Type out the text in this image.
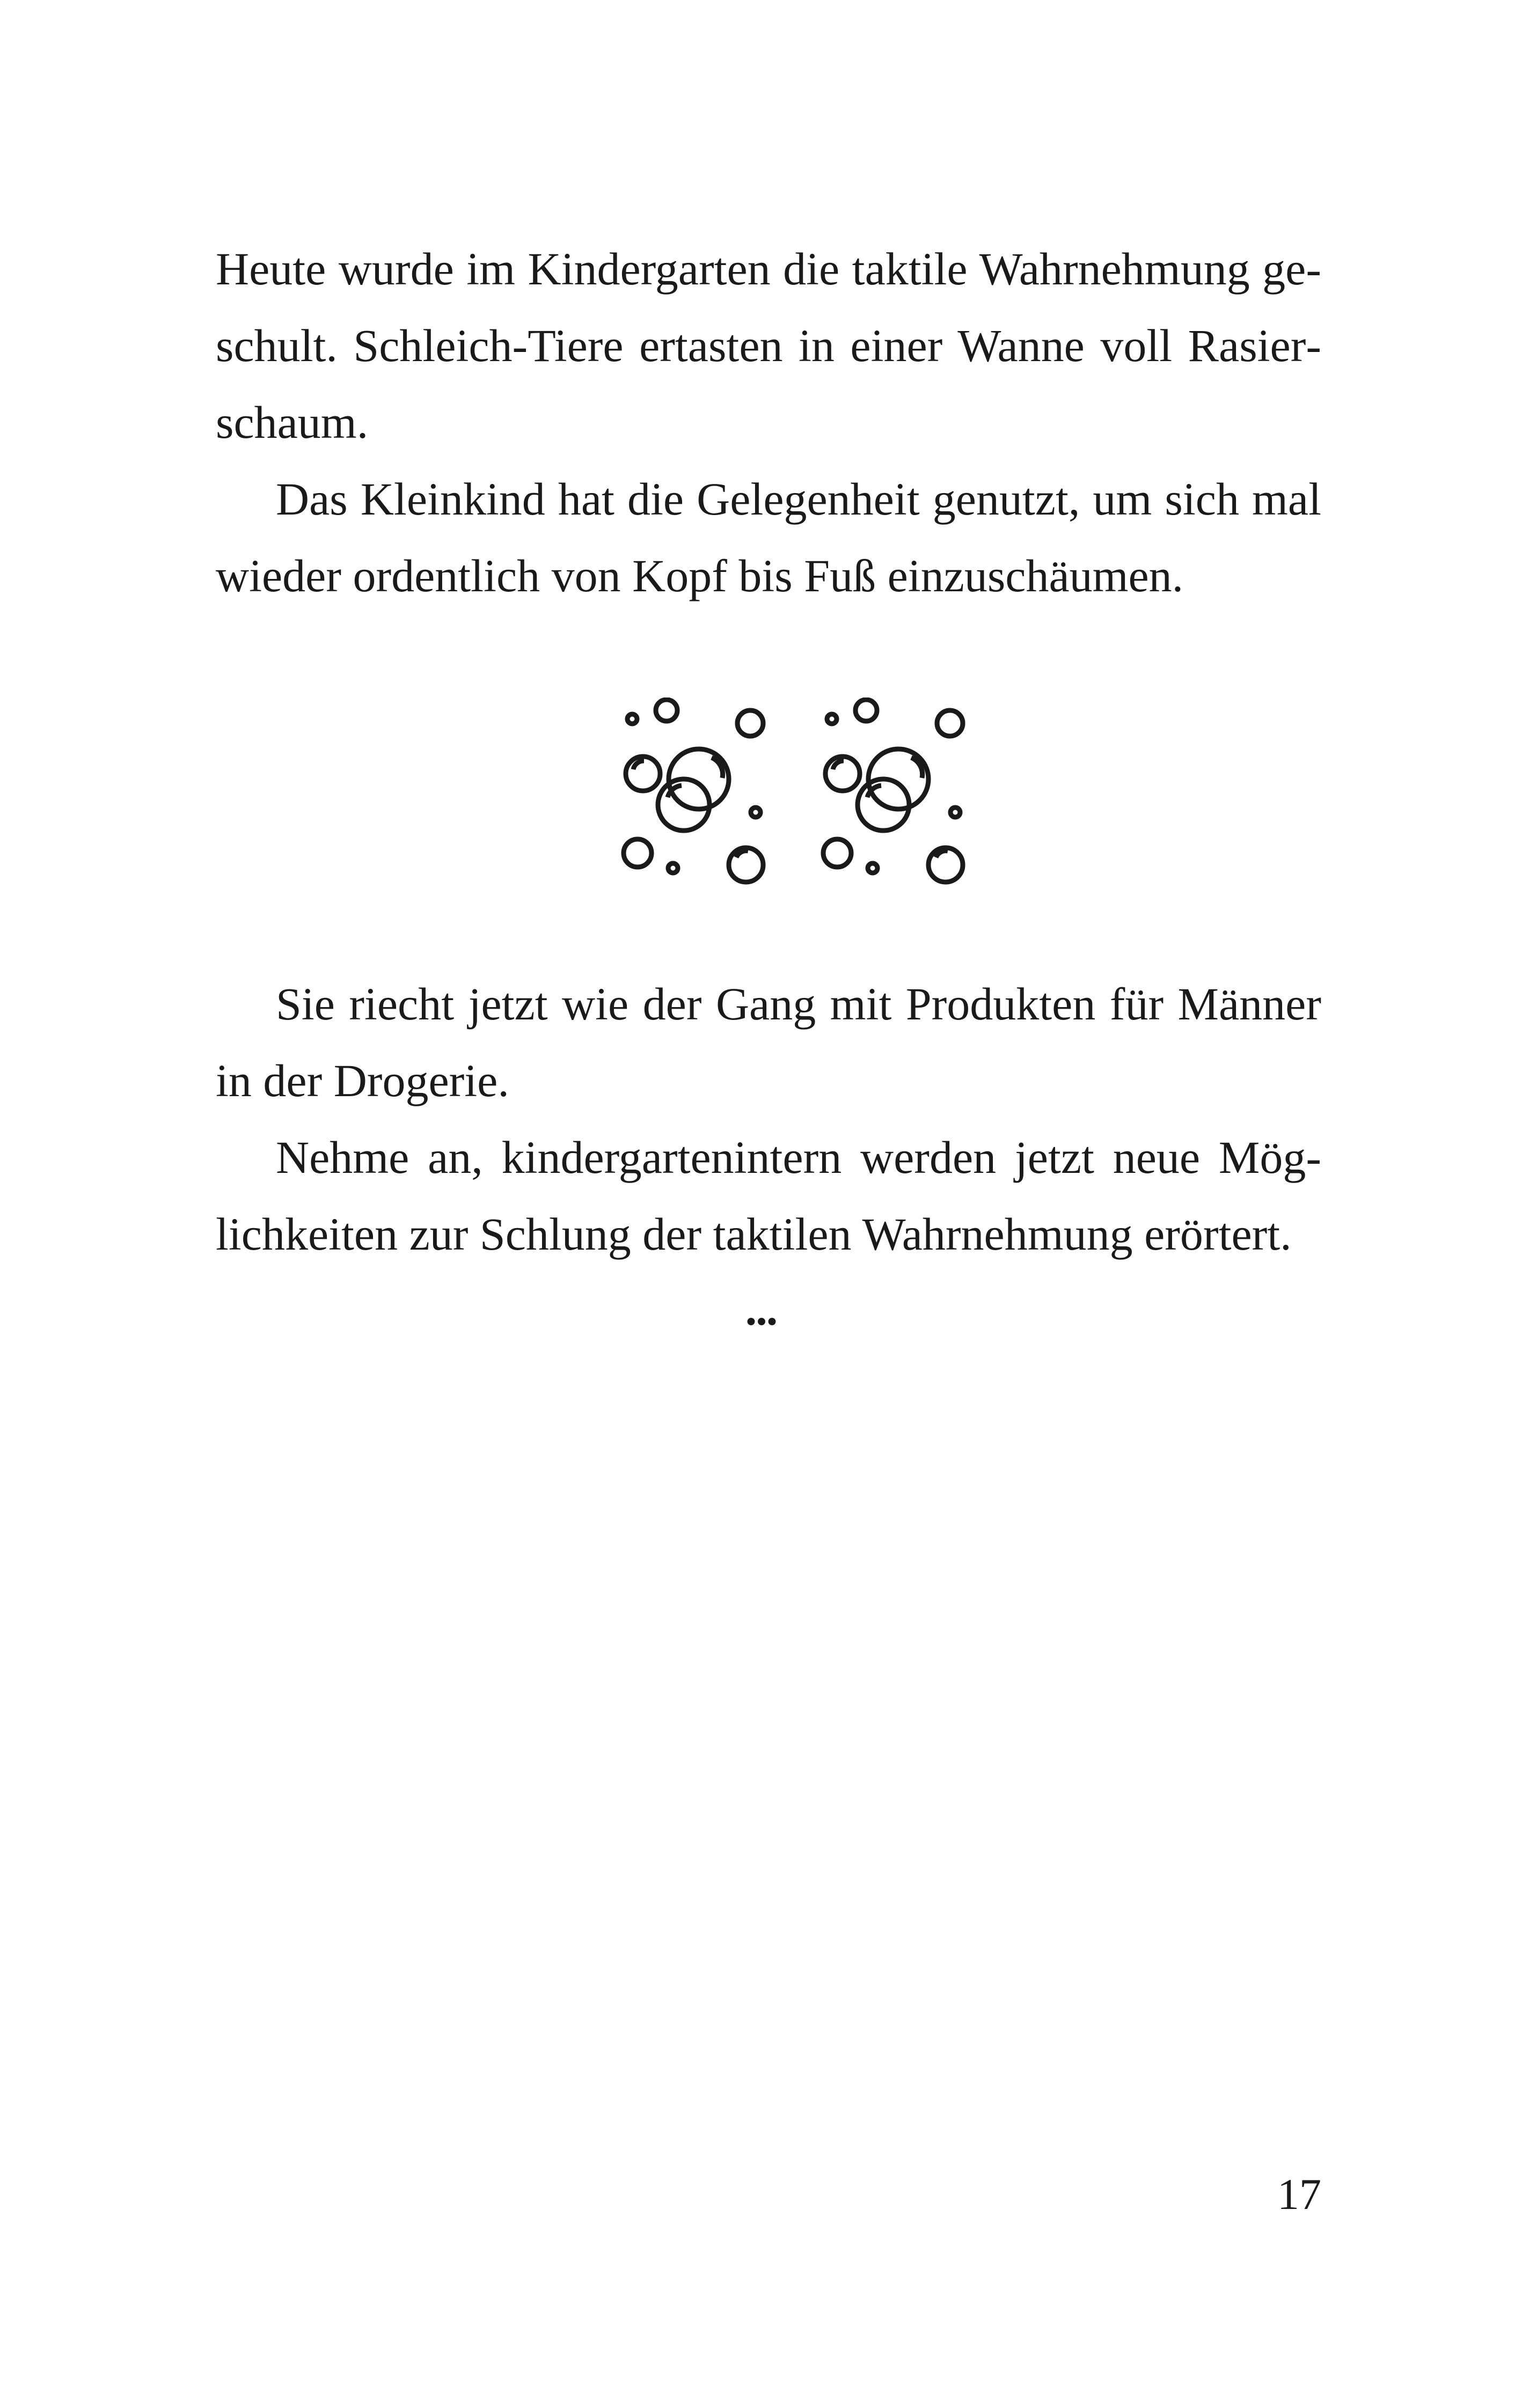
Heute wurde im Kindergarten die taktile Wahrnehmung geschult. Schleich-Tiere ertasten in einer Wanne voll Rasierschaum.

Das Kleinkind hat die Gelegenheit genutzt, um sich mal wieder ordentlich von Kopf bis Fuß einzuschäumen.

Sie riecht jetzt wie der Gang mit Produkten für Männer in der Drogerie.

Nehme an, kindergartenintern werden jetzt neue Möglichkeiten zur Schlung der taktilen Wahrnehmung erörtert.

...
17
